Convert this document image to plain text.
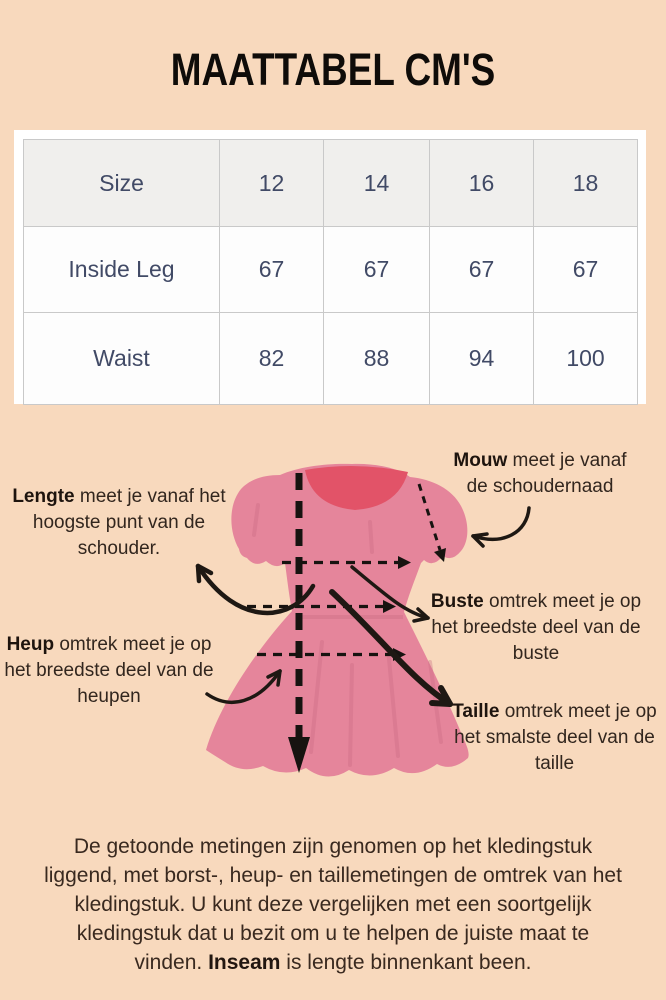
MAATTABEL CM'S
Size	12	14	16	18
Inside Leg	67	67	67	67
Waist	82	88	94	100
Lengte meet je vanaf het hoogste punt van de schouder.
Heup omtrek meet je op het breedste deel van de heupen
Mouw meet je vanaf de schoudernaad
Buste omtrek meet je op het breedste deel van de buste
Taille omtrek meet je op het smalste deel van de taille
De getoonde metingen zijn genomen op het kledingstuk liggend, met borst-, heup- en taillemetingen de omtrek van het kledingstuk. U kunt deze vergelijken met een soortgelijk kledingstuk dat u bezit om u te helpen de juiste maat te vinden. Inseam is lengte binnenkant been.
